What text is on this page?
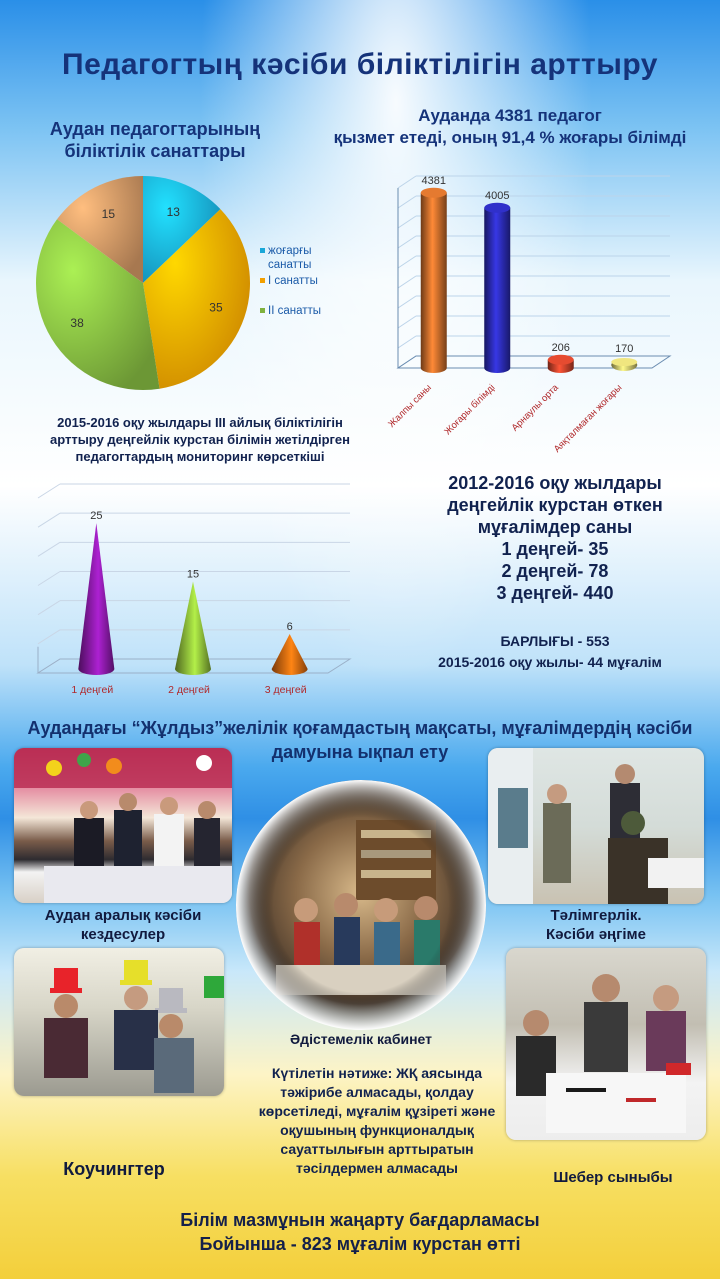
Педагогтың кәсіби біліктілігін арттыру
Аудан педагогтарының
біліктілік санаттары
13
35
38
15
жоғарғы санатты
І санатты
ІІ санатты
Ауданда 4381 педагог
қызмет етеді, оның 91,4 % жоғары білімді
4381
Жалпы саны
4005
Жоғары білімді
206
Арнаулы орта
170
Аяқталмаған жоғары
2015-2016 оқу жылдары ІІІ айлық біліктілігін
арттыру деңгейлік курстан білімін жетілдірген
педагогтардың мониторинг көрсеткіші
25
1 деңгей
15
2 деңгей
6
3 деңгей
2012-2016 оқу жылдары
деңгейлік курстан өткен
мұғалімдер саны
1 деңгей- 35
2 деңгей- 78
3 деңгей- 440
БАРЛЫҒЫ - 553
2015-2016 оқу жылы- 44 мұғалім
Аудандағы “Жұлдыз”желілік қоғамдастың мақсаты, мұғалімдердің кәсіби
дамуына ықпал ету
Аудан аралық кәсіби
кездесулер
Тәлімгерлік.
Кәсіби әңгіме
Әдістемелік кабинет
Коучингтер	Шебер сыныбы
Күтілетін нәтиже: ЖҚ аясында
тәжірибе алмасады, қолдау
көрсетіледі, мұғалім құзіреті және
оқушының функционалдық
сауаттылығын арттыратын
тәсілдермен алмасады
Білім мазмұнын жаңарту бағдарламасы
Бойынша - 823 мұғалім курстан өтті
